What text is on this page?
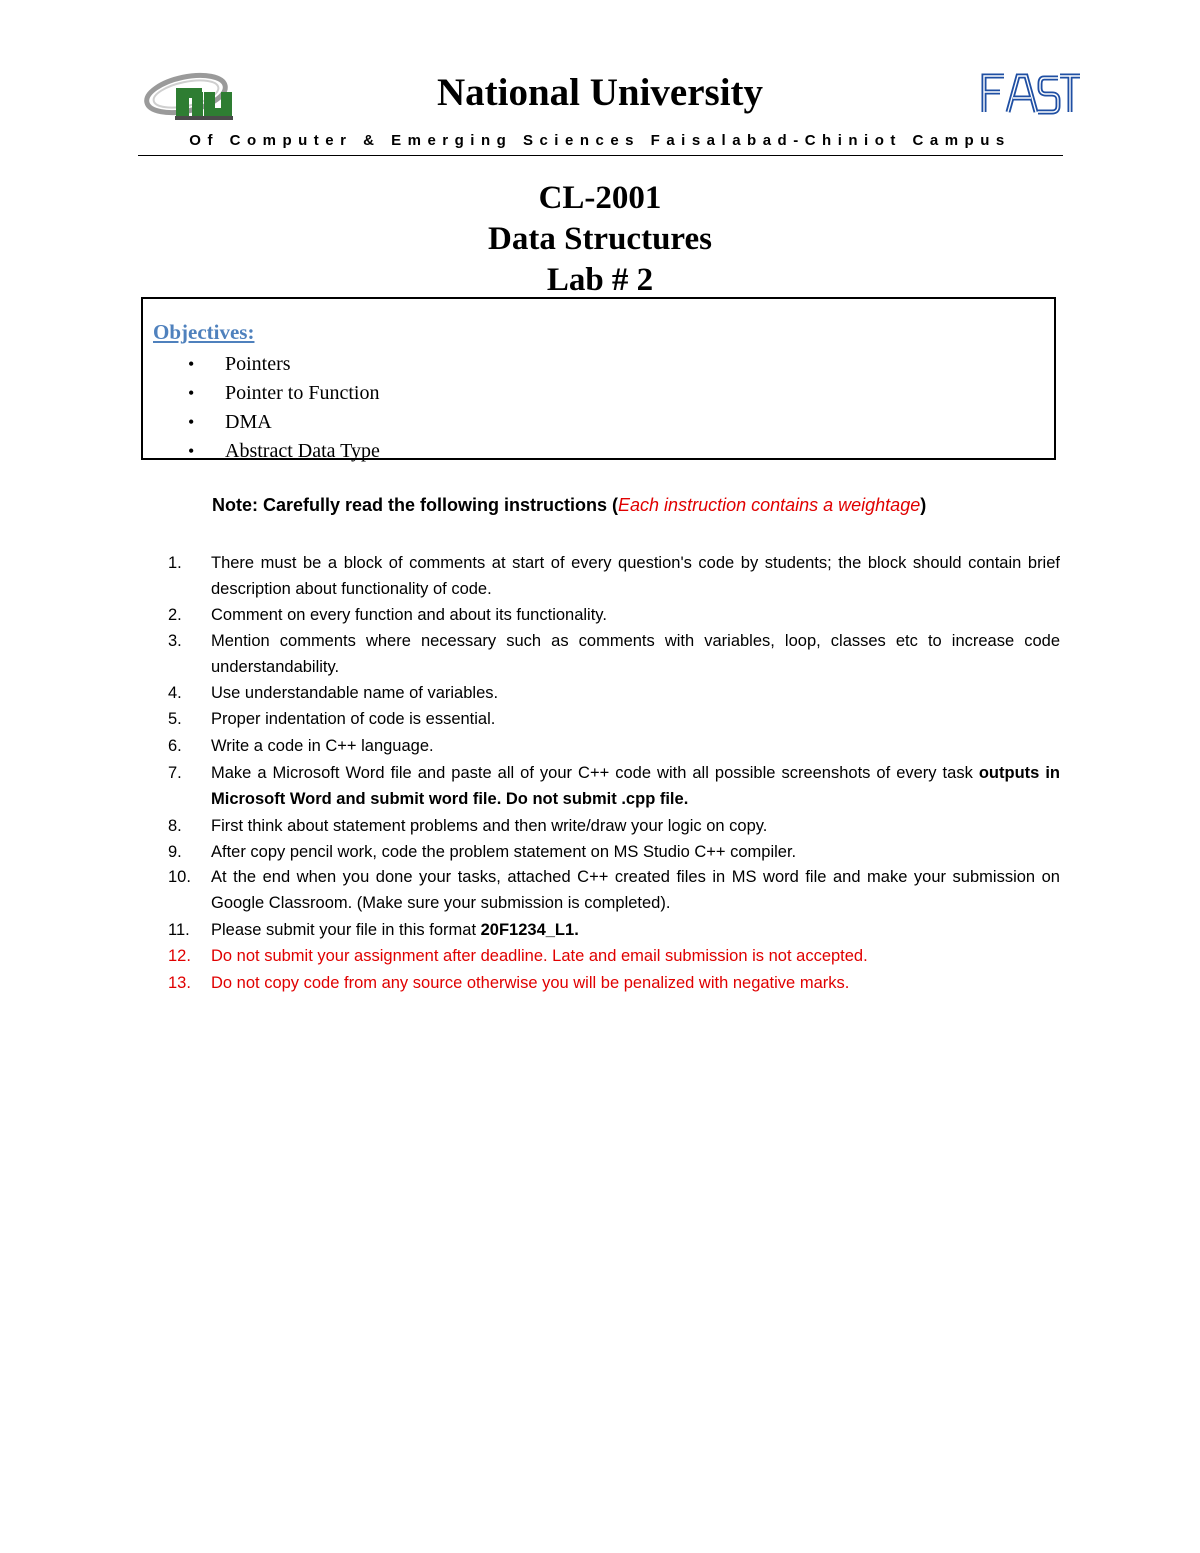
National University
Of Computer & Emerging Sciences Faisalabad-Chiniot Campus
CL-2001
Data Structures
Lab # 2
Objectives:
• Pointers
• Pointer to Function
• DMA
• Abstract Data Type
Note: Carefully read the following instructions (Each instruction contains a weightage)
1.	There must be a block of comments at start of every question's code by students; the block should contain brief description about functionality of code.
2.	Comment on every function and about its functionality.
3.	Mention comments where necessary such as comments with variables, loop, classes etc to increase code understandability.
4.	Use understandable name of variables.
5.	Proper indentation of code is essential.
6.	Write a code in C++ language.
7.	Make a Microsoft Word file and paste all of your C++ code with all possible screenshots of every task outputs in Microsoft Word and submit word file. Do not submit .cpp file.
8.	First think about statement problems and then write/draw your logic on copy.
9.	After copy pencil work, code the problem statement on MS Studio C++ compiler.
10.	At the end when you done your tasks, attached C++ created files in MS word file and make your submission on Google Classroom. (Make sure your submission is completed).
11.	Please submit your file in this format 20F1234_L1.
12.	Do not submit your assignment after deadline. Late and email submission is not accepted.
13.	Do not copy code from any source otherwise you will be penalized with negative marks.
